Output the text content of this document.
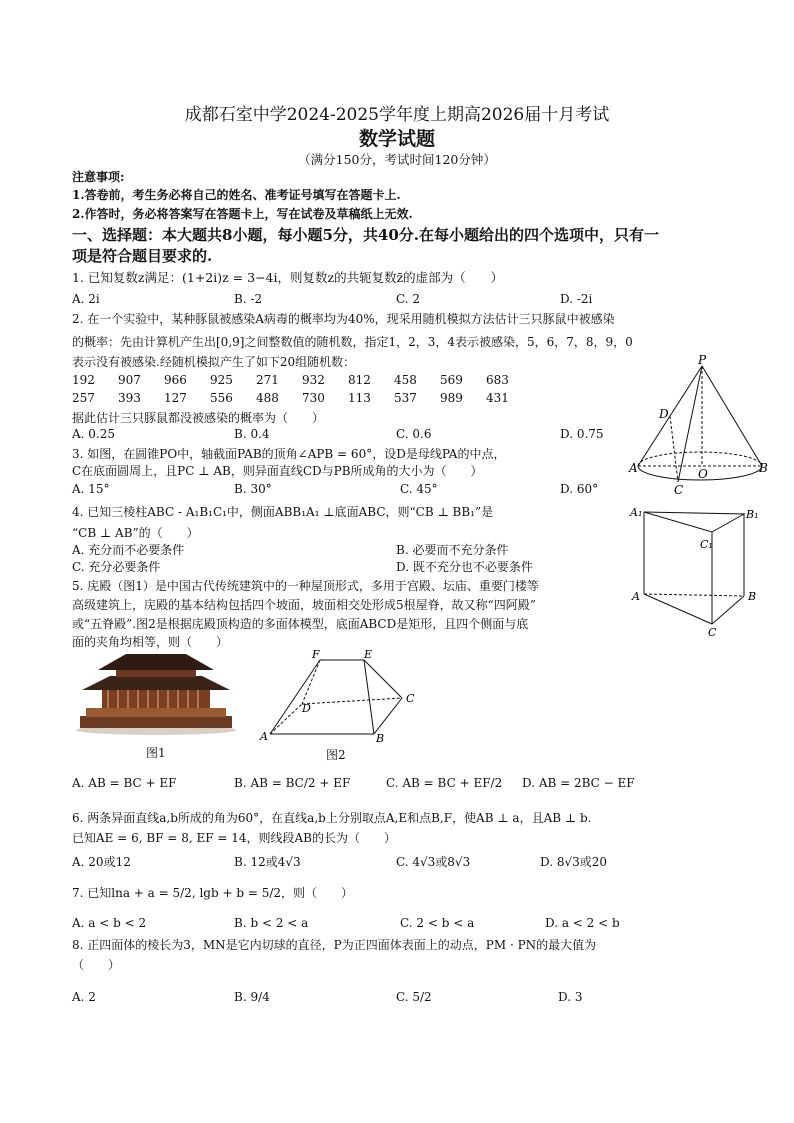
成都石室中学2024-2025学年度上期高2026届十月考试
数学试题
（满分150分，考试时间120分钟）
注意事项:
1.答卷前，考生务必将自己的姓名、准考证号填写在答题卡上.
2.作答时，务必将答案写在答题卡上，写在试卷及草稿纸上无效.
一、选择题：本大题共8小题，每小题5分，共40分.在每小题给出的四个选项中，只有一
项是符合题目要求的.
1. 已知复数z满足：(1+2i)z = 3−4i，则复数z的共轭复数z̄的虚部为（　　）
A. 2i	B. -2	C. 2	D. -2i
2. 在一个实验中，某种豚鼠被感染A病毒的概率均为40%，现采用随机模拟方法估计三只豚鼠中被感染
的概率：先由计算机产生出[0,9]之间整数值的随机数，指定1，2，3，4表示被感染，5，6，7，8，9，0
表示没有被感染.经随机模拟产生了如下20组随机数：
192	907	966	925	271	932	812	458	569	683
257	393	127	556	488	730	113	537	989	431
据此估计三只豚鼠都没被感染的概率为（　　）
A. 0.25	B. 0.4	C. 0.6	D. 0.75
P
D
A	O
C
B
3. 如图，在圆锥PO中，轴截面PAB的顶角∠APB = 60°，设D是母线PA的中点，
C在底面圆周上，且PC ⊥ AB，则异面直线CD与PB所成角的大小为（　　）
A. 15°	B. 30°	C. 45°	D. 60°
4. 已知三棱柱ABC - A₁B₁C₁中，侧面ABB₁A₁ ⊥底面ABC，则“CB ⊥ BB₁”是
“CB ⊥ AB”的（　　）
A. 充分而不必要条件	B. 必要而不充分条件
C. 充分必要条件	D. 既不充分也不必要条件
A₁	B₁
C₁
A	B
C
5. 庑殿（图1）是中国古代传统建筑中的一种屋顶形式，多用于宫殿、坛庙、重要门楼等
高级建筑上，庑殿的基本结构包括四个坡面，坡面相交处形成5根屋脊，故又称“四阿殿”
或“五脊殿”.图2是根据庑殿顶构造的多面体模型，底面ABCD是矩形，且四个侧面与底
面的夹角均相等，则（　　）
图1
F	E
D
C
A	B
图2
A. AB = BC + EF	B. AB = BC/2 + EF	C. AB = BC + EF/2 D. AB = 2BC − EF
6. 两条异面直线a,b所成的角为60°，在直线a,b上分别取点A,E和点B,F，使AB ⊥ a，且AB ⊥ b.
已知AE = 6, BF = 8, EF = 14，则线段AB的长为（　　）
A. 20或12	B. 12或4√3	C. 4√3或8√3	D. 8√3或20
7. 已知lna + a = 5/2, lgb + b = 5/2，则（　　）
A. a < b < 2	B. b < 2 < a	C. 2 < b < a	D. a < 2 < b
8. 正四面体的棱长为3，MN是它内切球的直径，P为正四面体表面上的动点，PM · PN的最大值为
（　　）
A. 2	B. 9/4	C. 5/2	D. 3
